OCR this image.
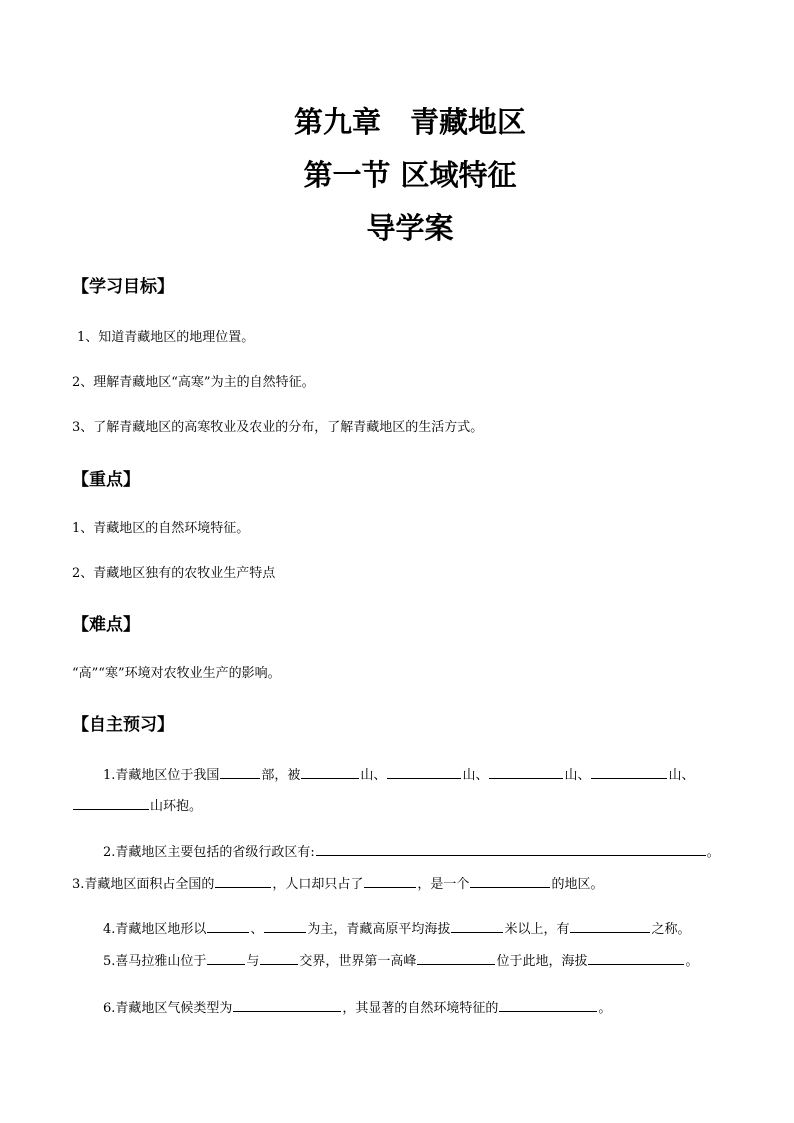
第九章　青藏地区
第一节 区域特征
导学案
【学习目标】
1、知道青藏地区的地理位置。
2、理解青藏地区“高寒”为主的自然特征。
3、了解青藏地区的高寒牧业及农业的分布，了解青藏地区的生活方式。
【重点】
1、青藏地区的自然环境特征。
2、青藏地区独有的农牧业生产特点
【难点】
“高”“寒”环境对农牧业生产的影响。
【自主预习】
1.青藏地区位于我国	部，被	山、	山、	山、	山、
山环抱。
2.青藏地区主要包括的省级行政区有:	。
3.青藏地区面积占全国的	，人口却只占了	，是一个	的地区。
4.青藏地区地形以	、	为主，青藏高原平均海拔	米以上，有	之称。
5.喜马拉雅山位于	与	交界，世界第一高峰	位于此地，海拔	。
6.青藏地区气候类型为	，其显著的自然环境特征的	。
